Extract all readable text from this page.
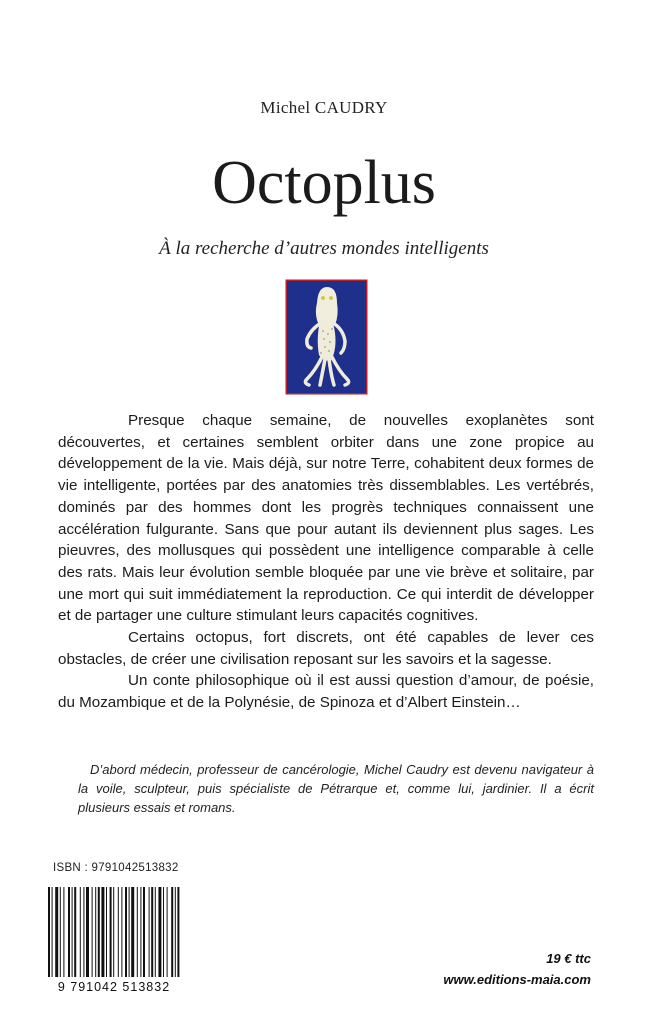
Michel CAUDRY
Octoplus
À la recherche d’autres mondes intelligents

Presque chaque semaine, de nouvelles exoplanètes sont découvertes, et certaines semblent orbiter dans une zone propice au développement de la vie. Mais déjà, sur notre Terre, cohabitent deux formes de vie intelligente, portées par des anatomies très dissemblables. Les vertébrés, dominés par des hommes dont les progrès techniques connaissent une accélération fulgurante. Sans que pour autant ils deviennent plus sages. Les pieuvres, des mollusques qui possèdent une intelligence comparable à celle des rats. Mais leur évolution semble bloquée par une vie brève et solitaire, par une mort qui suit immédiatement la reproduction. Ce qui interdit de développer et de partager une culture stimulant leurs capacités cognitives.

Certains octopus, fort discrets, ont été capables de lever ces obstacles, de créer une civilisation reposant sur les savoirs et la sagesse.

Un conte philosophique où il est aussi question d’amour, de poésie, du Mozambique et de la Polynésie, de Spinoza et d’Albert Einstein…

D’abord médecin, professeur de cancérologie, Michel Caudry est devenu navigateur à la voile, sculpteur, puis spécialiste de Pétrarque et, comme lui, jardinier. Il a écrit plusieurs essais et romans.

ISBN : 9791042513832
9 791042 513832
19 € ttc
www.editions-maia.com
